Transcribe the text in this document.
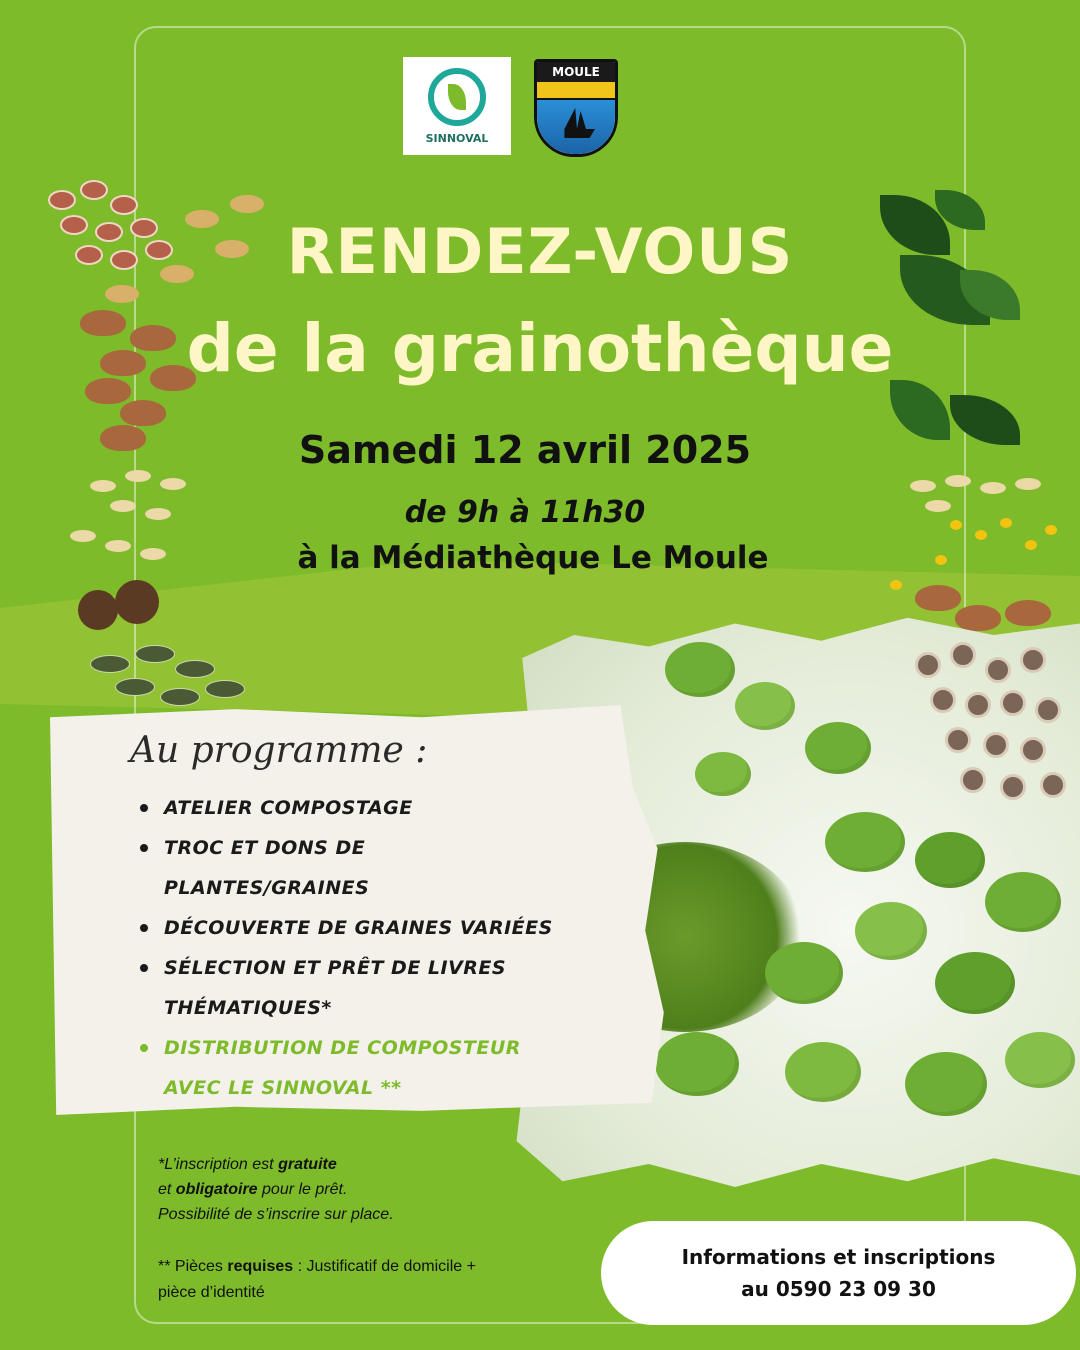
SINNOVAL
MOULE
RENDEZ-VOUS
de la grainothèque
Samedi 12 avril 2025
de 9h à 11h30
à la Médiathèque Le Moule
Au programme :
ATELIER COMPOSTAGE
TROC ET DONS DE PLANTES/GRAINES
DÉCOUVERTE DE GRAINES VARIÉES
SÉLECTION ET PRÊT DE LIVRES THÉMATIQUES*
DISTRIBUTION DE COMPOSTEUR AVEC LE SINNOVAL **
*L’inscription est gratuite
et obligatoire pour le prêt.
Possibilité de s’inscrire sur place.
** Pièces requises : Justificatif de domicile + pièce d’identité
Informations et inscriptions
au 0590 23 09 30
